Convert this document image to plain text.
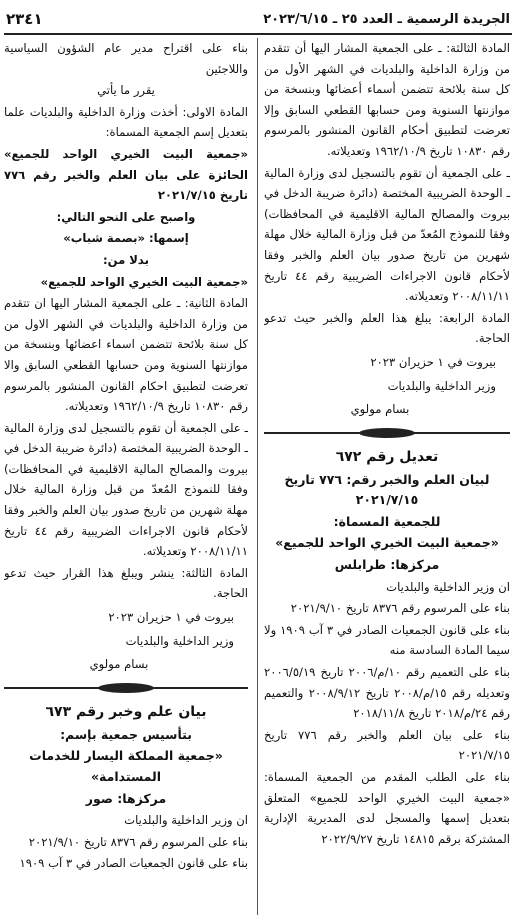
الجريدة الرسمية ـ العدد ٢٥ ـ ٢٠٢٣/٦/١٥
٢٣٤١

المادة الثالثة: ـ على الجمعية المشار اليها أن تتقدم من وزارة الداخلية والبلديات في الشهر الأول من كل سنة بلائحة تتضمن أسماء أعضائها وبنسخة من موازنتها السنوية ومن حسابها القطعي السابق وإلا تعرضت لتطبيق أحكام القانون المنشور بالمرسوم رقم ١٠٨٣٠ تاريخ ١٩٦٢/١٠/٩ وتعديلاته.

ـ على الجمعية أن تقوم بالتسجيل لدى وزارة المالية ـ الوحدة الضريبية المختصة (دائرة ضريبة الدخل في بيروت والمصالح المالية الاقليمية في المحافظات) وفقا للنموذج المُعدّ من قبل وزارة المالية خلال مهلة شهرين من تاريخ صدور بيان العلم والخبر وفقا لأحكام قانون الاجراءات الضريبية رقم ٤٤ تاريخ ٢٠٠٨/١١/١١ وتعديلاته.

المادة الرابعة: يبلغ هذا العلم والخبر حيث تدعو الحاجة.

بيروت في ١ حزيران ٢٠٢٣

وزير الداخلية والبلديات

بسام مولوي

تعديل رقم ٦٧٢

لبيان العلم والخبر رقم: ٧٧٦ تاريخ ٢٠٢١/٧/١٥

للجمعية المسماة:

«جمعية البيت الخيري الواحد للجميع»

مركزها: طرابلس

ان وزير الداخلية والبلديات

بناء على المرسوم رقم ٨٣٧٦ تاريخ ٢٠٢١/٩/١٠

بناء على قانون الجمعيات الصادر في ٣ آب ١٩٠٩ ولا سيما المادة السادسة منه

بناء على التعميم رقم ١٠/م/٢٠٠٦ تاريخ ٢٠٠٦/٥/١٩ وتعديله رقم ١٥/م/٢٠٠٨ تاريخ ٢٠٠٨/٩/١٢ والتعميم رقم ٢٤/م/٢٠١٨ تاريخ ٢٠١٨/١١/٨

بناء على بيان العلم والخبر رقم ٧٧٦ تاريخ ٢٠٢١/٧/١٥

بناء على الطلب المقدم من الجمعية المسماة: «جمعية البيت الخيري الواحد للجميع» المتعلق بتعديل إسمها والمسجل لدى المديرية الإدارية المشتركة برقم ١٤٨١٥ تاريخ ٢٠٢٢/٩/٢٧

بناء على اقتراح مدير عام الشؤون السياسية واللاجئين

يقرر ما يأتي

المادة الاولى: أخذت وزارة الداخلية والبلديات علما بتعديل إسم الجمعية المسماة:

«جمعية البيت الخيري الواحد للجميع» الحائزة على بيان العلم والخبر رقم ٧٧٦ تاريخ ٢٠٢١/٧/١٥

واصبح على النحو التالي:

إسمها: «بصمة شباب»

بدلا من:

«جمعية البيت الخيري الواحد للجميع»

المادة الثانية: ـ على الجمعية المشار اليها ان تتقدم من وزارة الداخلية والبلديات في الشهر الاول من كل سنة بلائحة تتضمن اسماء اعضائها وبنسخة من موازنتها السنوية ومن حسابها القطعي السابق والا تعرضت لتطبيق احكام القانون المنشور بالمرسوم رقم ١٠٨٣٠ تاريخ ١٩٦٢/١٠/٩ وتعديلاته.

ـ على الجمعية أن تقوم بالتسجيل لدى وزارة المالية ـ الوحدة الضريبية المختصة (دائرة ضريبة الدخل في بيروت والمصالح المالية الاقليمية في المحافظات) وفقا للنموذج المُعدّ من قبل وزارة المالية خلال مهلة شهرين من تاريخ صدور بيان العلم والخبر وفقا لأحكام قانون الاجراءات الضريبية رقم ٤٤ تاريخ ٢٠٠٨/١١/١١ وتعديلاته.

المادة الثالثة: ينشر ويبلغ هذا القرار حيث تدعو الحاجة.

بيروت في ١ حزيران ٢٠٢٣

وزير الداخلية والبلديات

بسام مولوي

بيان علم وخبر رقم ٦٧٣

بتأسيس جمعية بإسم:

«جمعية المملكة اليسار للخدمات المستدامة»

مركزها: صور

ان وزير الداخلية والبلديات

بناء على المرسوم رقم ٨٣٧٦ تاريخ ٢٠٢١/٩/١٠

بناء على قانون الجمعيات الصادر في ٣ آب ١٩٠٩
